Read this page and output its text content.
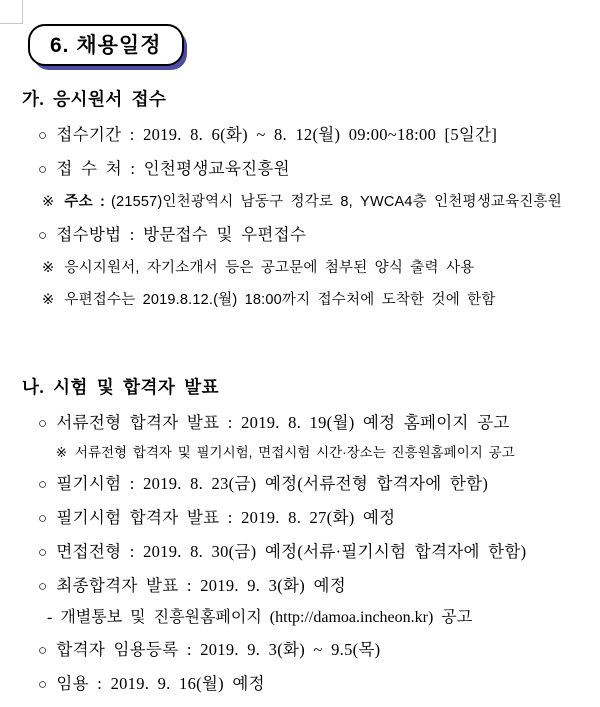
6. 채용일정
가. 응시원서 접수
○ 접수기간 : 2019. 8. 6(화) ~ 8. 12(월) 09:00~18:00 [5일간]
○ 접 수 처 : 인천평생교육진흥원
※ 주소 : (21557)인천광역시 남동구 정각로 8, YWCA4층 인천평생교육진흥원
○ 접수방법 : 방문접수 및 우편접수
※ 응시지원서, 자기소개서 등은 공고문에 첨부된 양식 출력 사용
※ 우편접수는 2019.8.12.(월) 18:00까지 접수처에 도착한 것에 한함
나. 시험 및 합격자 발표
○ 서류전형 합격자 발표 : 2019. 8. 19(월) 예정 홈페이지 공고
※ 서류전형 합격자 및 필기시험, 면접시험 시간·장소는 진흥원홈페이지 공고
○ 필기시험 : 2019. 8. 23(금) 예정(서류전형 합격자에 한함)
○ 필기시험 합격자 발표 : 2019. 8. 27(화) 예정
○ 면접전형 : 2019. 8. 30(금) 예정(서류·필기시험 합격자에 한함)
○ 최종합격자 발표 : 2019. 9. 3(화) 예정
- 개별통보 및 진흥원홈페이지 (http://damoa.incheon.kr) 공고
○ 합격자 임용등록 : 2019. 9. 3(화) ~ 9.5(목)
○ 임용 : 2019. 9. 16(월) 예정
